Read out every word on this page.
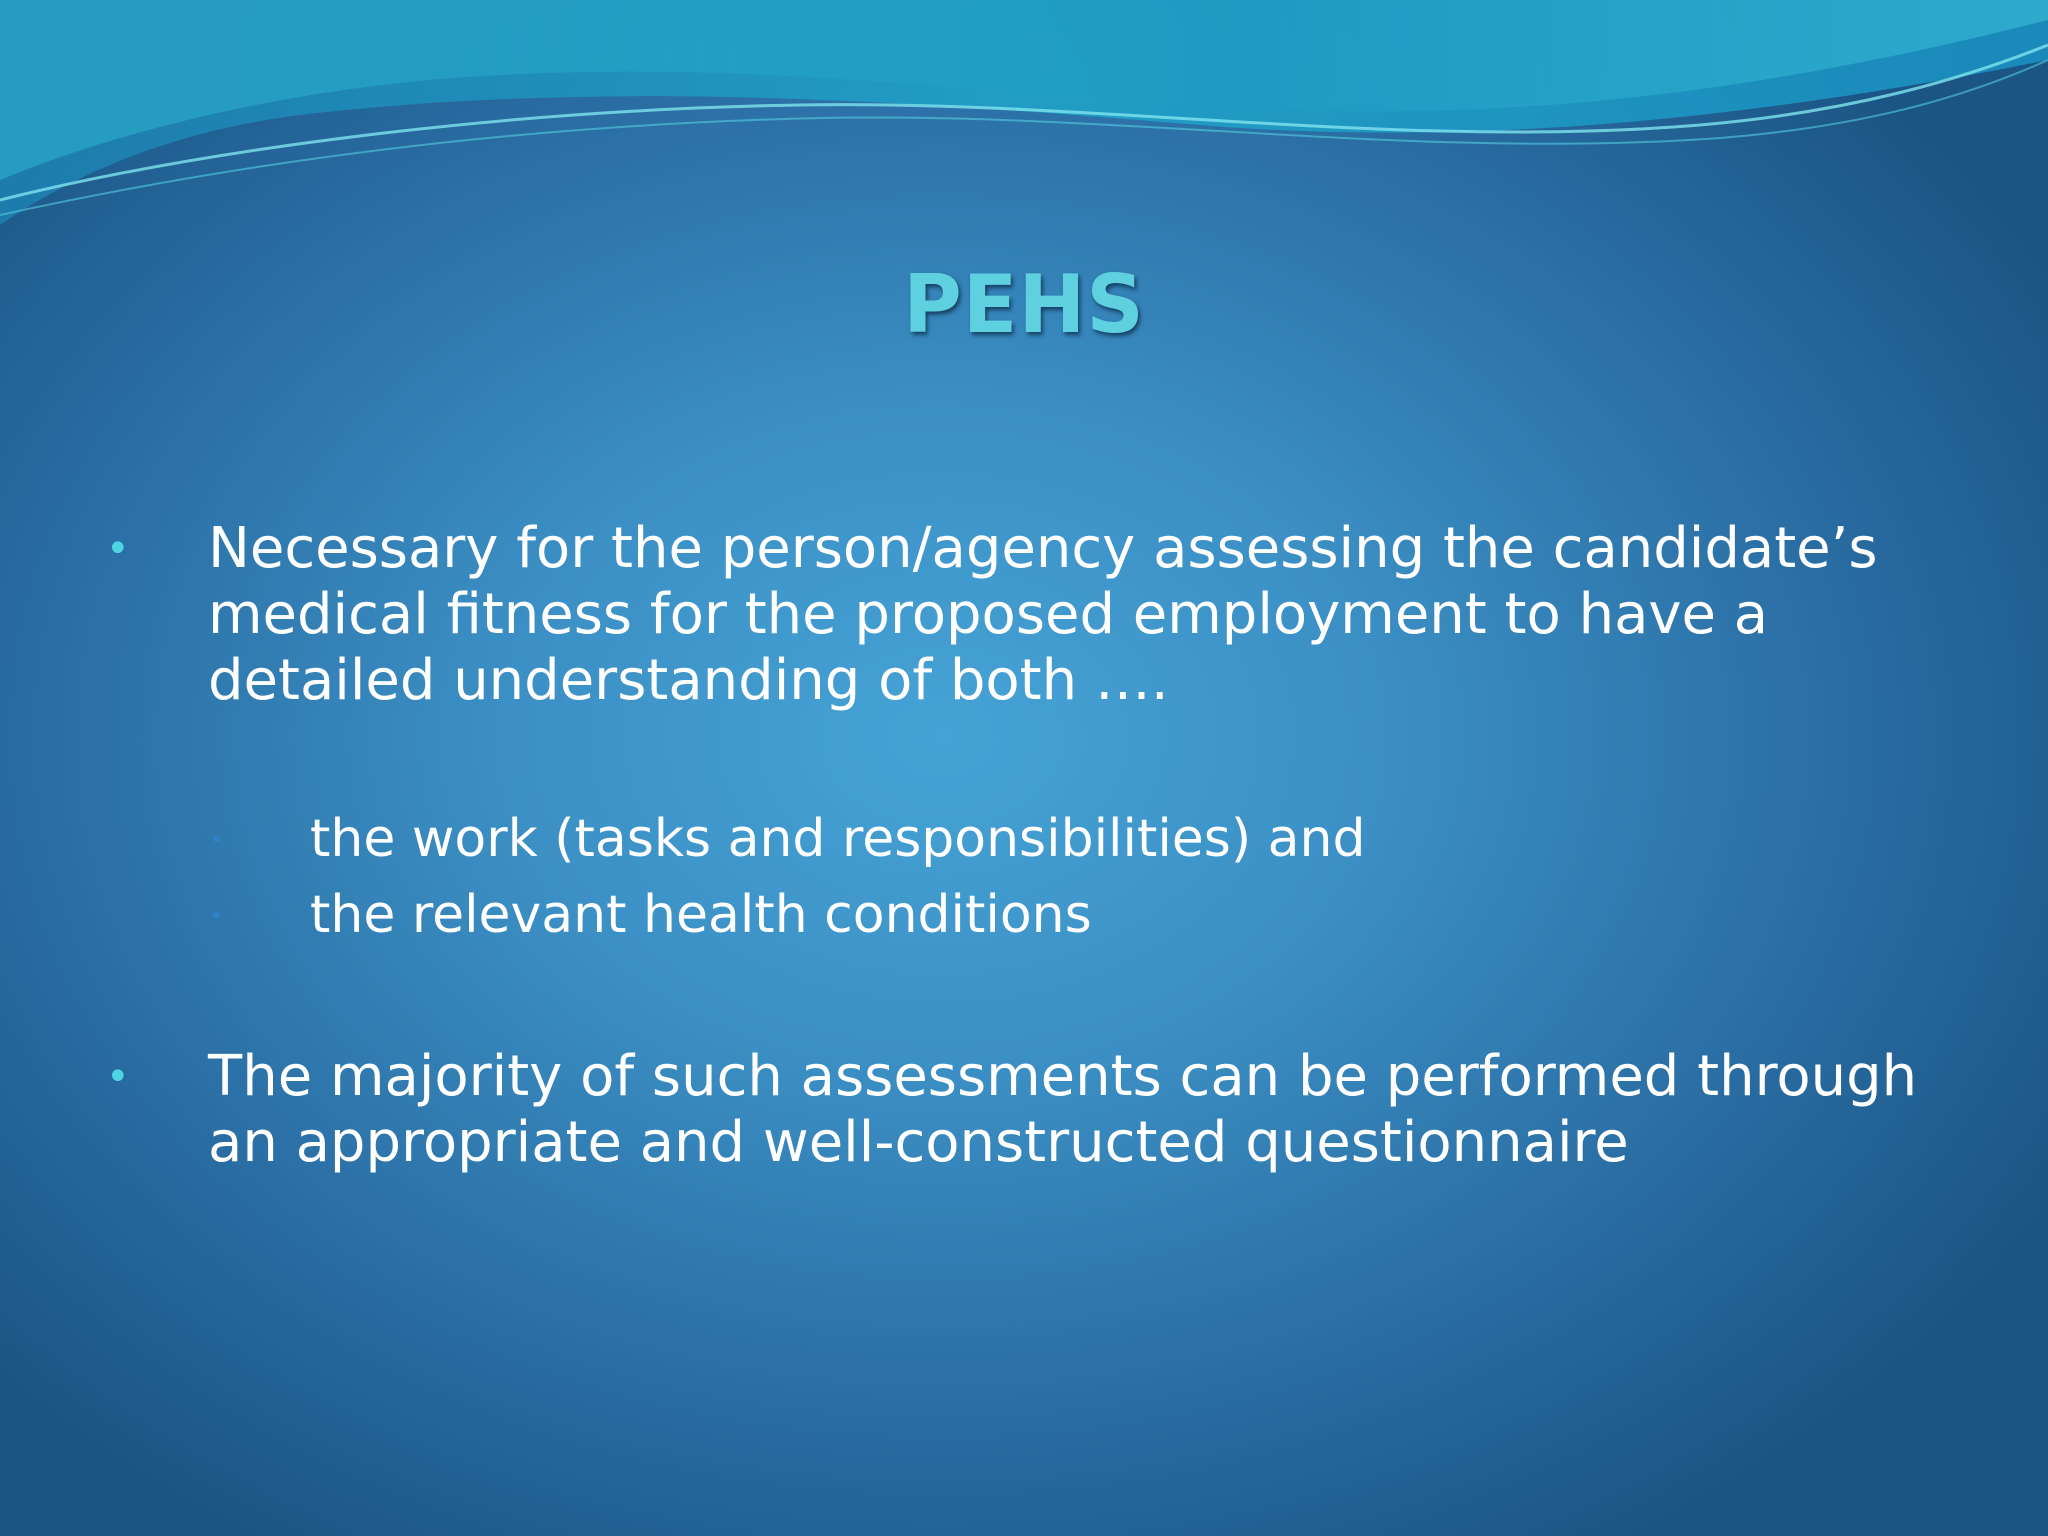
PEHS
• Necessary for the person/agency assessing the candidate’s medical fitness for the proposed employment to have a detailed understanding of both ….
• the work (tasks and responsibilities) and
• the relevant health conditions
• The majority of such assessments can be performed through an appropriate and well-constructed questionnaire
